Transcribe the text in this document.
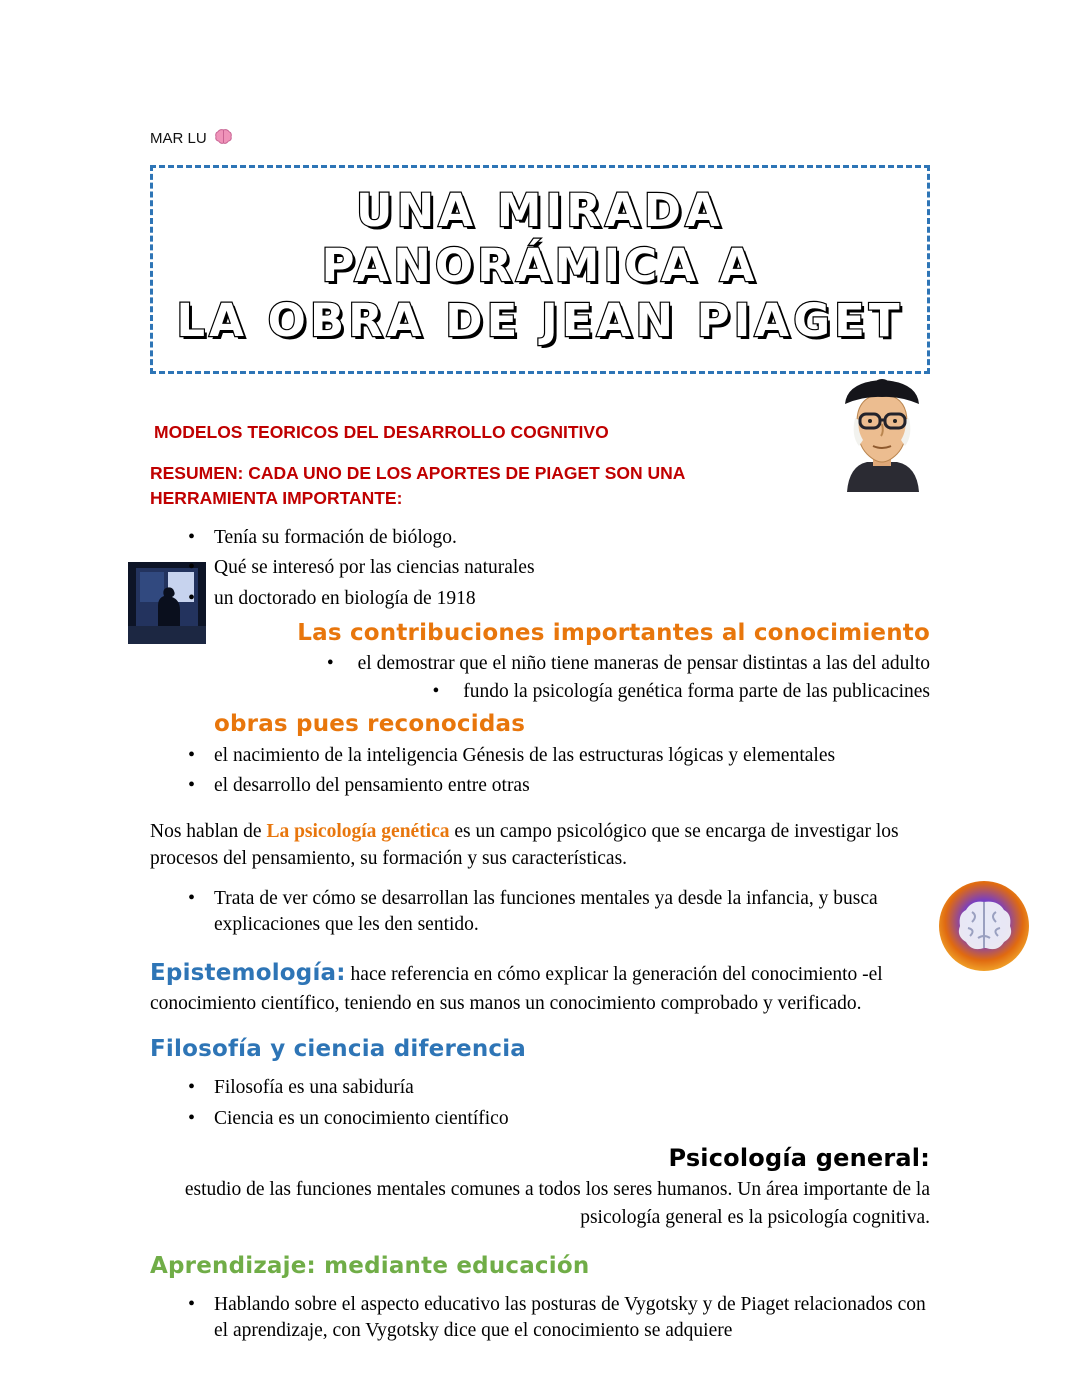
MAR LU
UNA MIRADA PANORÁMICA A
LA OBRA DE JEAN PIAGET
MODELOS TEORICOS DEL DESARROLLO COGNITIVO
RESUMEN: CADA UNO DE LOS APORTES DE PIAGET SON UNA HERRAMIENTA IMPORTANTE:
• Tenía su formación de biólogo.
• Qué se interesó por las ciencias naturales
• un doctorado en biología de 1918
Las contribuciones importantes al conocimiento
• el demostrar que el niño tiene maneras de pensar distintas a las del adulto
• fundo la psicología genética forma parte de las publicacines
obras pues reconocidas
• el nacimiento de la inteligencia Génesis de las estructuras lógicas y elementales
• el desarrollo del pensamiento entre otras
Nos hablan de La psicología genética es un campo psicológico que se encarga de investigar los procesos del pensamiento, su formación y sus características.
• Trata de ver cómo se desarrollan las funciones mentales ya desde la infancia, y busca explicaciones que les den sentido.
Epistemología: hace referencia en cómo explicar la generación del conocimiento -el conocimiento científico, teniendo en sus manos un conocimiento comprobado y verificado.
Filosofía y ciencia diferencia
• Filosofía es una sabiduría
• Ciencia es un conocimiento científico
Psicología general:
estudio de las funciones mentales comunes a todos los seres humanos. Un área importante de la psicología general es la psicología cognitiva.
Aprendizaje: mediante educación
• Hablando sobre el aspecto educativo las posturas de Vygotsky y de Piaget relacionados con el aprendizaje, con Vygotsky dice que el conocimiento se adquiere
